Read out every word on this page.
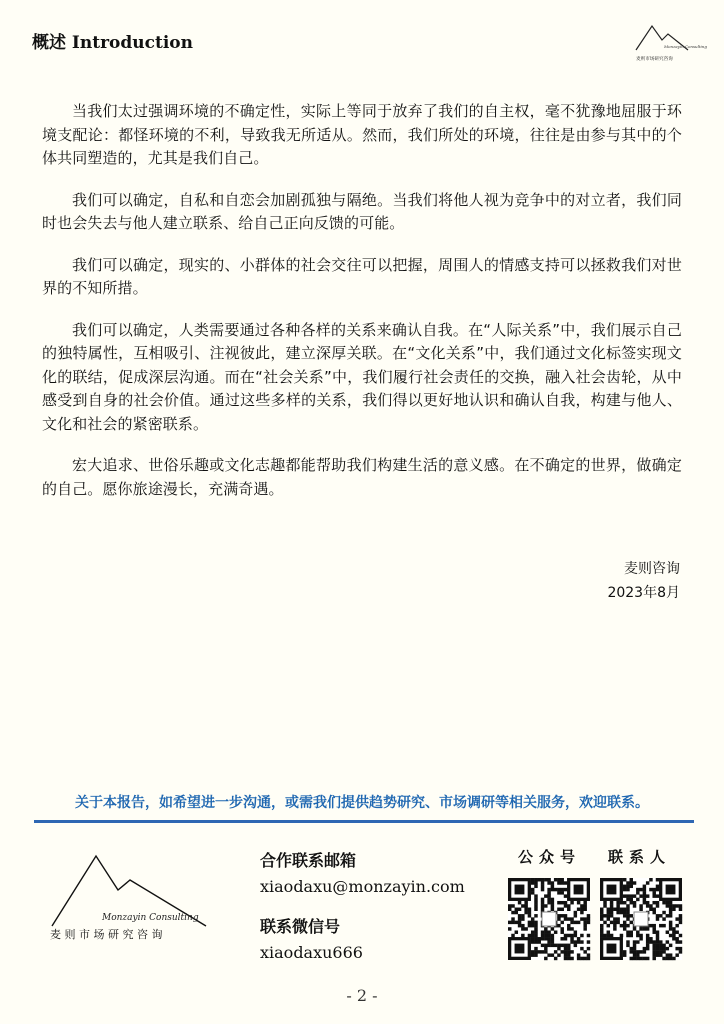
概述 Introduction	Monzayin Consulting
麦则市场研究咨询

当我们太过强调环境的不确定性，实际上等同于放弃了我们的自主权，毫不犹豫地屈服于环境支配论：都怪环境的不利，导致我无所适从。然而，我们所处的环境，往往是由参与其中的个体共同塑造的，尤其是我们自己。

我们可以确定，自私和自恋会加剧孤独与隔绝。当我们将他人视为竞争中的对立者，我们同时也会失去与他人建立联系、给自己正向反馈的可能。

我们可以确定，现实的、小群体的社会交往可以把握，周围人的情感支持可以拯救我们对世界的不知所措。

我们可以确定，人类需要通过各种各样的关系来确认自我。在“人际关系”中，我们展示自己的独特属性，互相吸引、注视彼此，建立深厚关联。在“文化关系”中，我们通过文化标签实现文化的联结，促成深层沟通。而在“社会关系”中，我们履行社会责任的交换，融入社会齿轮，从中感受到自身的社会价值。通过这些多样的关系，我们得以更好地认识和确认自我，构建与他人、文化和社会的紧密联系。

宏大追求、世俗乐趣或文化志趣都能帮助我们构建生活的意义感。在不确定的世界，做确定的自己。愿你旅途漫长，充满奇遇。

麦则咨询
2023年8月
关于本报告，如希望进一步沟通，或需我们提供趋势研究、市场调研等相关服务，欢迎联系。
Monzayin Consulting
麦 则 市 场 研 究 咨 询
合作联系邮箱
xiaodaxu@monzayin.com
联系微信号
xiaodaxu666
公众号 联系人
- 2 -
